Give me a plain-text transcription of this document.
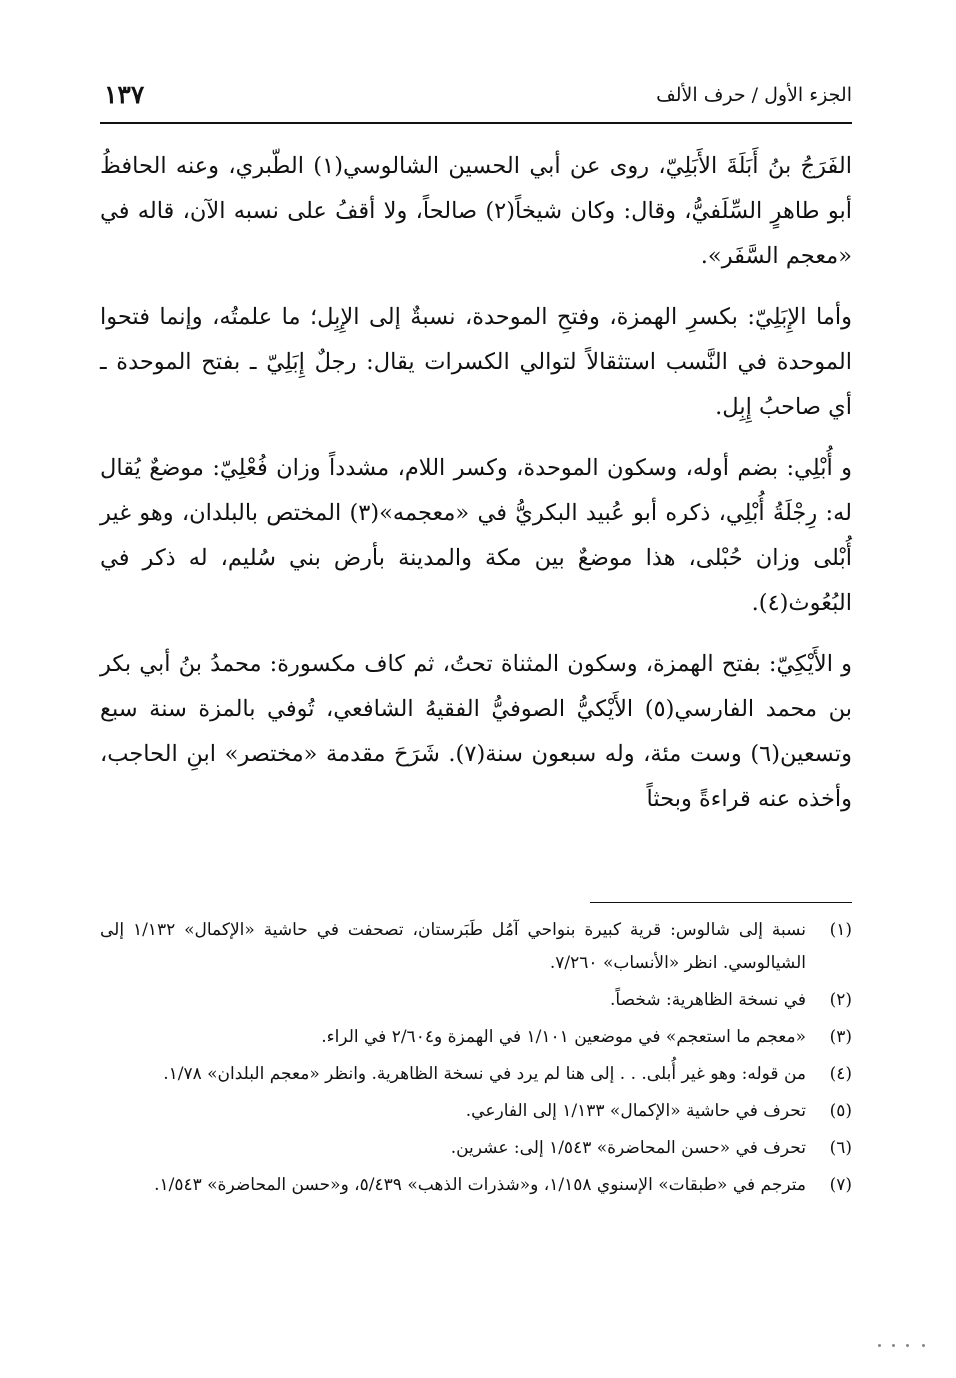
الجزء الأول / حرف الألف
١٣٧

الفَرَجُ بنُ أَبَلَةَ الأَبَلِيّ، روى عن أبي الحسين الشالوسي(١) الطّبري، وعنه الحافظُ أبو طاهرٍ السِّلَفيُّ، وقال: وكان شيخاً(٢) صالحاً، ولا أقفُ على نسبه الآن، قاله في «معجم السَّفَر».

وأما الإِبَلِيّ: بكسرِ الهمزة، وفتحِ الموحدة، نسبةٌ إلى الإِبِل؛ ما علمتُه، وإنما فتحوا الموحدة في النَّسب استثقالاً لتوالي الكسرات يقال: رجلٌ إِبَلِيّ ـ بفتح الموحدة ـ أي صاحبُ إِبِل.

و أُبْلِي: بضم أوله، وسكون الموحدة، وكسر اللام، مشدداً وزان فُعْلِيّ: موضعٌ يُقال له: رِجْلَةُ أُبْلِي، ذكره أبو عُبيد البكريُّ في «معجمه»(٣) المختص بالبلدان، وهو غير أُبْلى وزان حُبْلى، هذا موضعٌ بين مكة والمدينة بأرض بني سُليم، له ذكر في البُعُوث(٤).

و الأَيْكِيّ: بفتح الهمزة، وسكون المثناة تحتُ، ثم كاف مكسورة: محمدُ بنُ أبي بكر بن محمد الفارسي(٥) الأَيْكيُّ الصوفيُّ الفقيهُ الشافعي، تُوفي بالمزة سنة سبع وتسعين(٦) وست مئة، وله سبعون سنة(٧). شَرَحَ مقدمة «مختصر» ابنِ الحاجب، وأخذه عنه قراءةً وبحثاً

(١)
نسبة إلى شالوس: قرية كبيرة بنواحي آمُل طَبَرستان، تصحفت في حاشية «الإكمال» ١/١٣٢ إلى الشيالوسي. انظر «الأنساب» ٧/٢٦٠.
(٢)
في نسخة الظاهرية: شخصاً.
(٣)
«معجم ما استعجم» في موضعين ١/١٠١ في الهمزة و٢/٦٠٤ في الراء.
(٤)
من قوله: وهو غير أُبلى. . . إلى هنا لم يرد في نسخة الظاهرية. وانظر «معجم البلدان» ١/٧٨.
(٥)
تحرف في حاشية «الإكمال» ١/١٣٣ إلى الفارعي.
(٦)
تحرف في «حسن المحاضرة» ١/٥٤٣ إلى: عشرين.
(٧)
مترجم في «طبقات» الإسنوي ١/١٥٨، و«شذرات الذهب» ٥/٤٣٩، و«حسن المحاضرة» ١/٥٤٣.
